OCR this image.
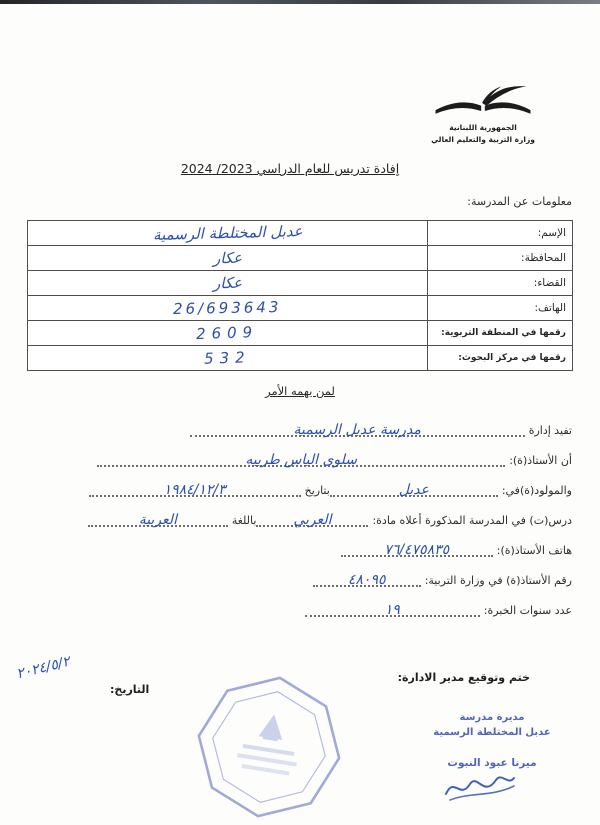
الجمهورية اللبنانية
وزارة التربية والتعليم العالي
إفادة تدريس للعام الدراسي 2023/ 2024
معلومات عن المدرسة:
الإسم:
عدبل المختلطة الرسمية
المحافظة:
عكار
القضاء:
عكار
الهاتف:
26/693643
رقمها في المنطقة التربوية:
2609
رقمها في مركز البحوث:
532
لمن يهمه الأمر
تفيد إدارة
مدرسة عدبل الرسمية
أن الأستاذ(ة):
سلوى الياس طربيه
والمولود(ة)في:
عدبل
بتاريخ
١٩٨٤/١٢/٣
درس(ت) في المدرسة المذكورة أعلاه مادة:
العربي
باللغة
العربية
هاتف الأستاذ(ة):
٧٦/٤٧٥٨٣٥
رقم الأستاذ(ة) في وزارة التربية:
٤٨٠٩٥
عدد سنوات الخبرة:
١٩
ختم وتوقيع مدير الادارة:
مديرة مدرسة
عدبل المختلطة الرسمية
ميرنا عبود النبوت
التاريخ:
٢٠٢٤/٥/٢
